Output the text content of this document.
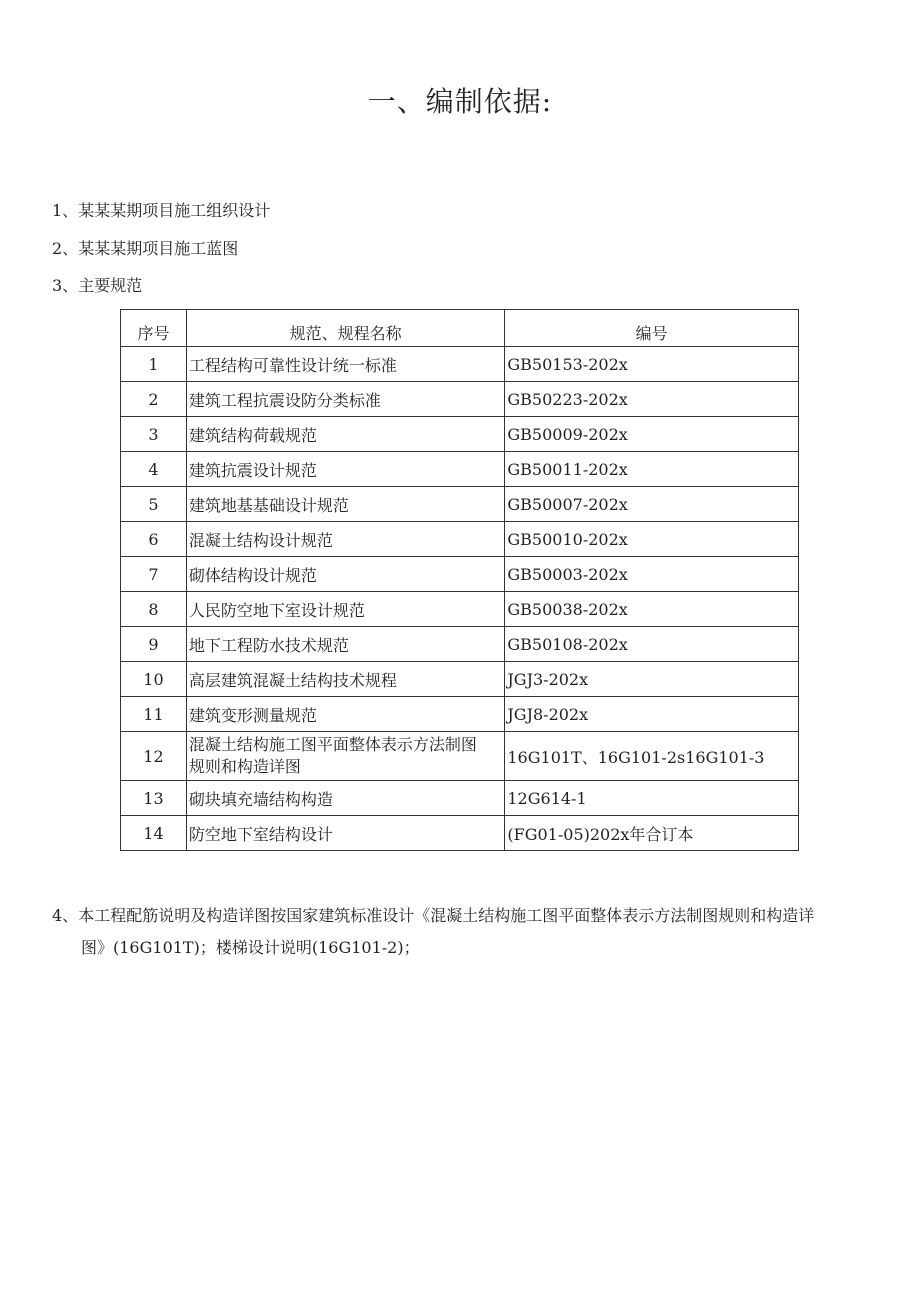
一、编制依据:
1、某某某期项目施工组织设计
2、某某某期项目施工蓝图
3、主要规范
序号	规范、规程名称	编号
1	工程结构可靠性设计统一标准	GB50153-202x
2	建筑工程抗震设防分类标准	GB50223-202x
3	建筑结构荷载规范	GB50009-202x
4	建筑抗震设计规范	GB50011-202x
5	建筑地基基础设计规范	GB50007-202x
6	混凝土结构设计规范	GB50010-202x
7	砌体结构设计规范	GB50003-202x
8	人民防空地下室设计规范	GB50038-202x
9	地下工程防水技术规范	GB50108-202x
10	高层建筑混凝土结构技术规程	JGJ3-202x
11	建筑变形测量规范	JGJ8-202x
12	混凝土结构施工图平面整体表示方法制图
规则和构造详图	16G101T、16G101-2s16G101-3
13	砌块填充墙结构构造	12G614-1
14	防空地下室结构设计	(FG01-05)202x年合订本
4、本工程配筋说明及构造详图按国家建筑标准设计《混凝土结构施工图平面整体表示方法制图规则和构造详
图》(16G101T)；楼梯设计说明(16G101-2)；
